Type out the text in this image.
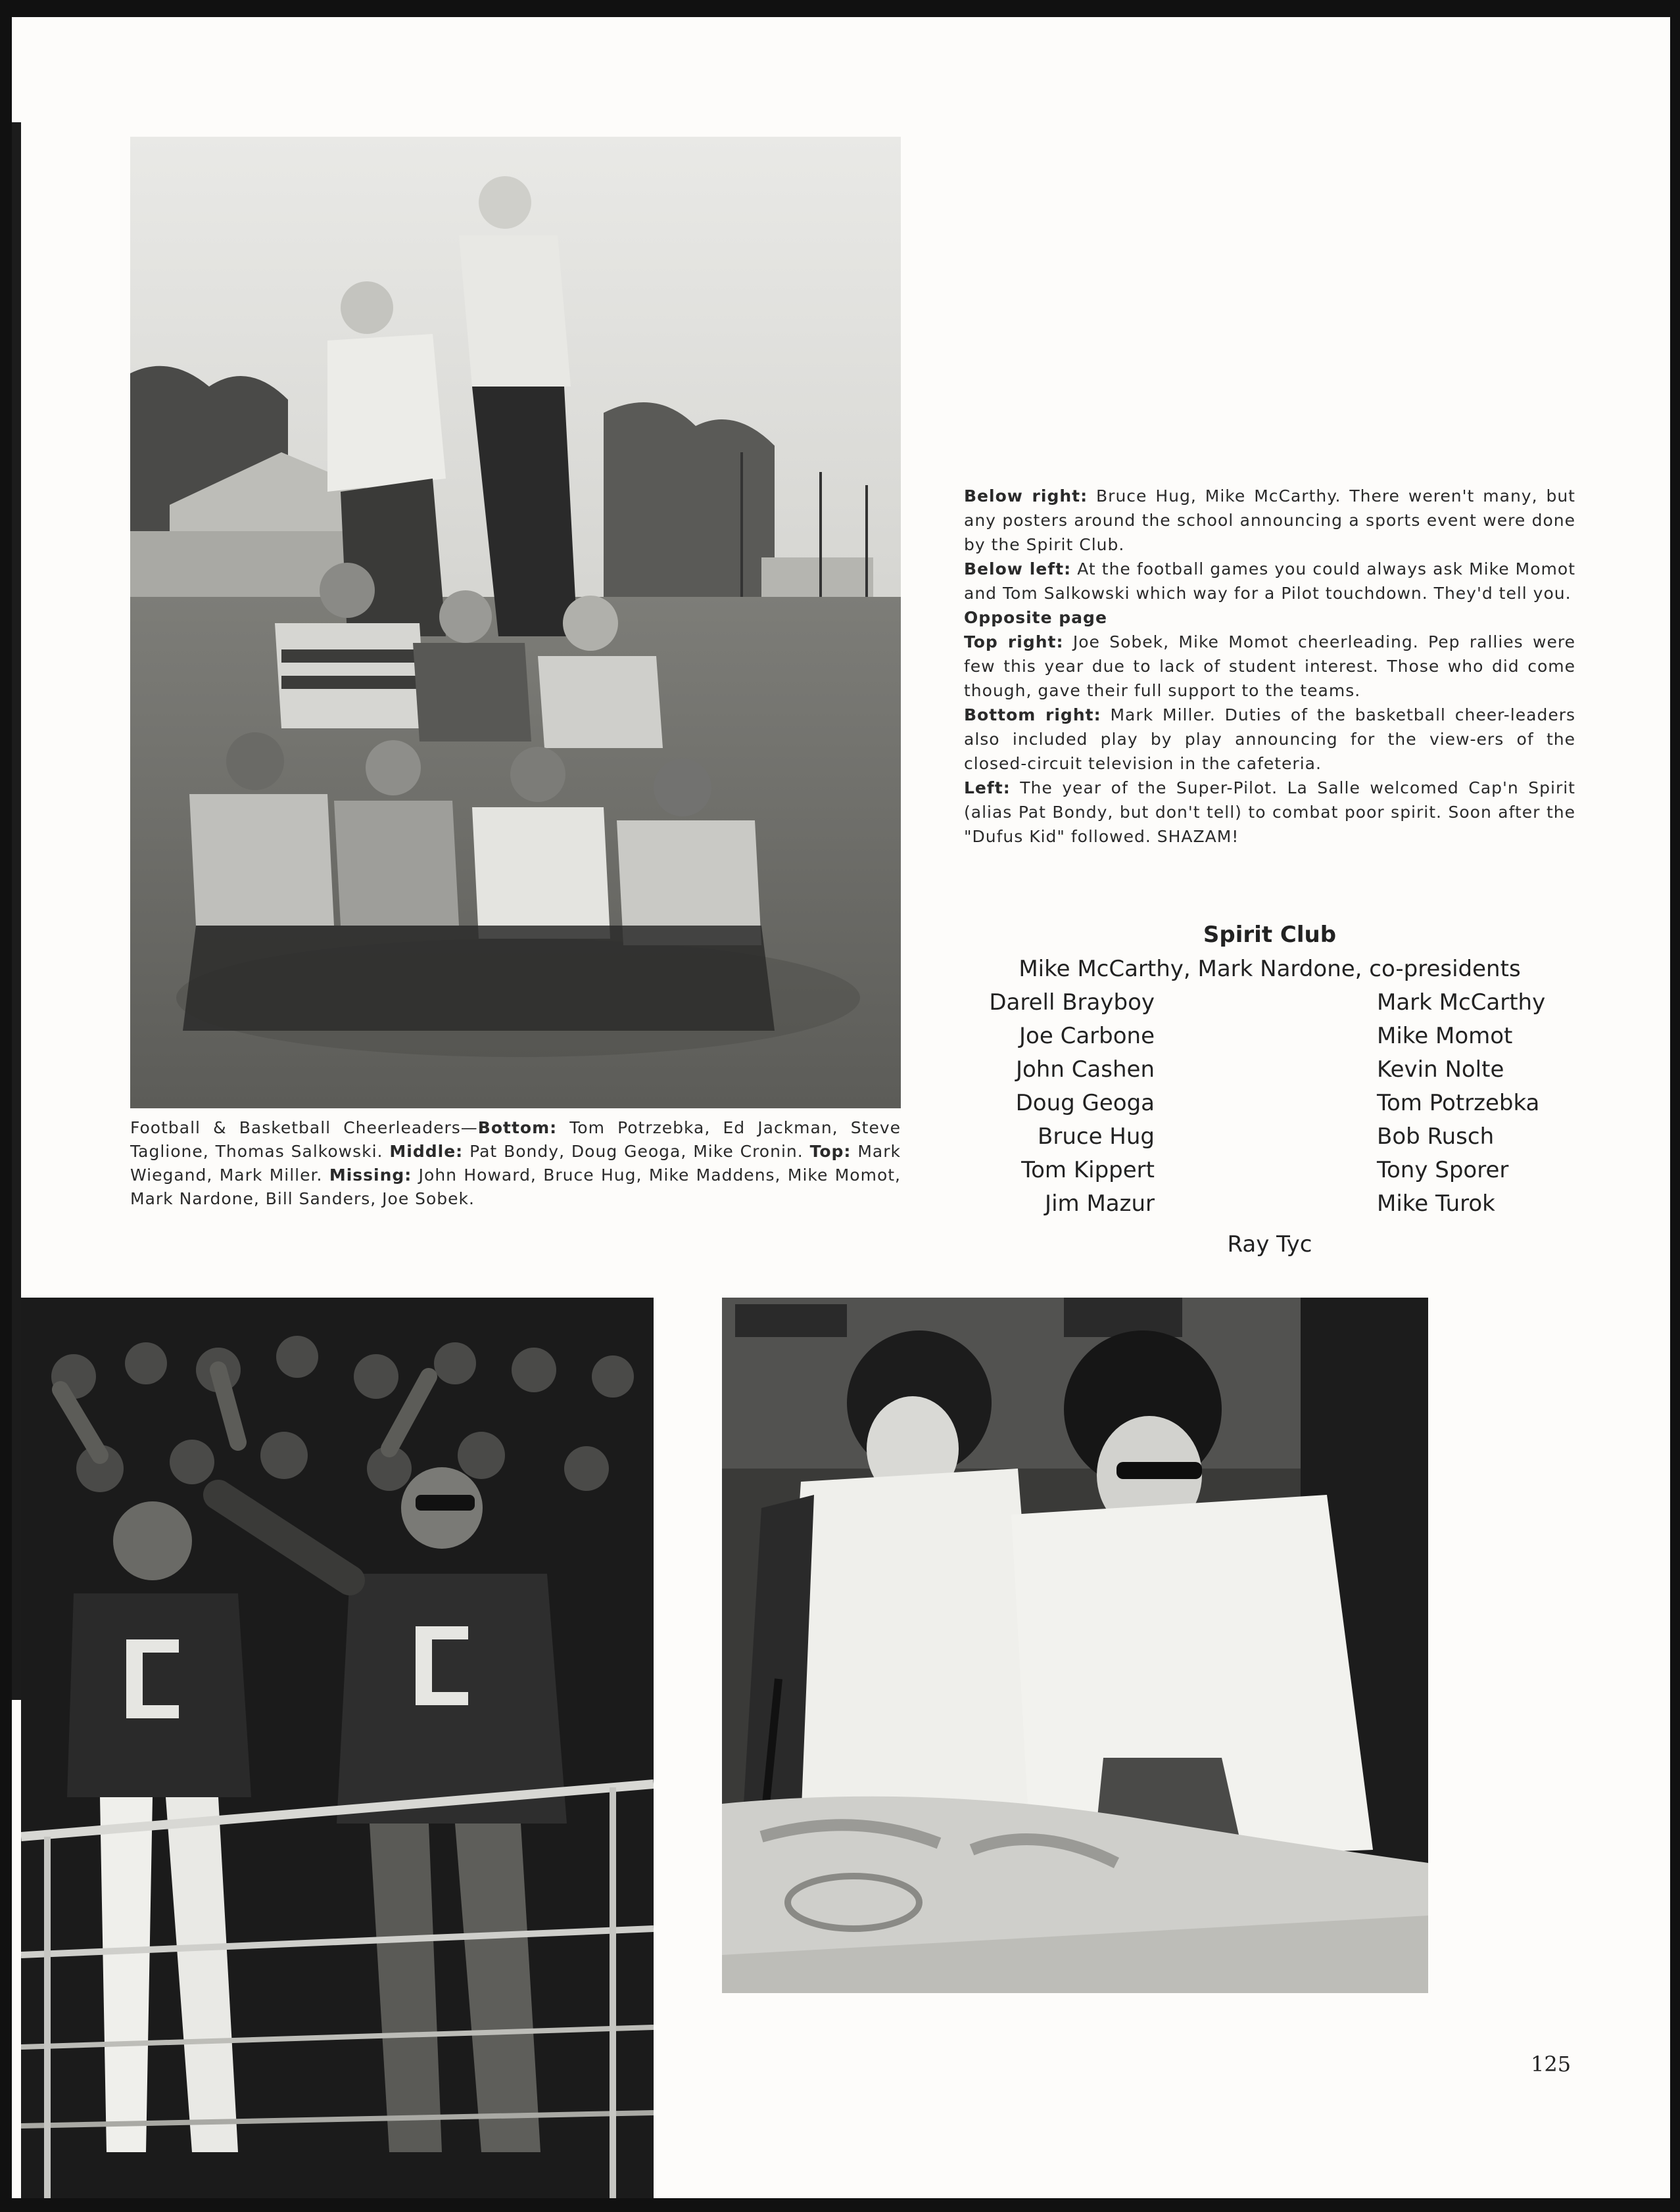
Football & Basketball Cheerleaders—Bottom: Tom Potrzebka, Ed Jackman, Steve Taglione, Thomas Salkowski. Middle: Pat Bondy, Doug Geoga, Mike Cronin. Top: Mark Wiegand, Mark Miller. Missing: John Howard, Bruce Hug, Mike Maddens, Mike Momot, Mark Nardone, Bill Sanders, Joe Sobek.

Below right: Bruce Hug, Mike McCarthy. There weren't many, but any posters around the school announcing a sports event were done by the Spirit Club.

Below left: At the football games you could always ask Mike Momot and Tom Salkowski which way for a Pilot touchdown. They'd tell you.

Opposite page

Top right: Joe Sobek, Mike Momot cheerleading. Pep rallies were few this year due to lack of student interest. Those who did come though, gave their full support to the teams.

Bottom right: Mark Miller. Duties of the basketball cheer-leaders also included play by play announcing for the view-ers of the closed-circuit television in the cafeteria.

Left: The year of the Super-Pilot. La Salle welcomed Cap'n Spirit (alias Pat Bondy, but don't tell) to combat poor spirit. Soon after the "Dufus Kid" followed. SHAZAM!

Spirit Club
Mike McCarthy, Mark Nardone, co-presidents
Darell Brayboy
Joe Carbone
John Cashen
Doug Geoga
Bruce Hug
Tom Kippert
Jim Mazur
Mark McCarthy
Mike Momot
Kevin Nolte
Tom Potrzebka
Bob Rusch
Tony Sporer
Mike Turok
Ray Tyc
125
